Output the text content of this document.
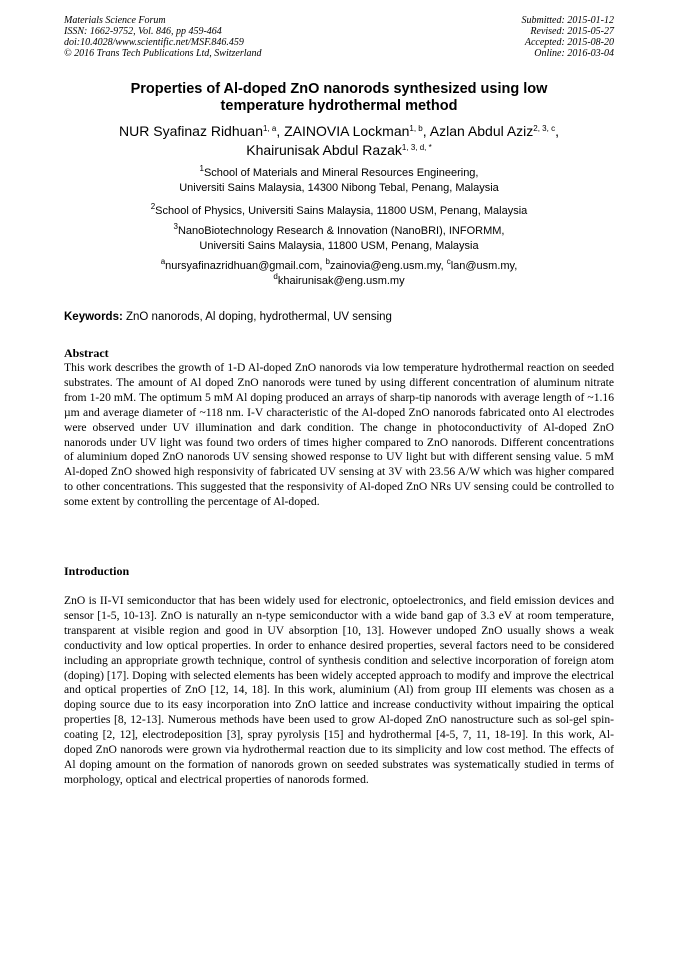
Materials Science Forum
ISSN: 1662-9752, Vol. 846, pp 459-464
doi:10.4028/www.scientific.net/MSF.846.459
© 2016 Trans Tech Publications Ltd, Switzerland
Submitted: 2015-01-12
Revised: 2015-05-27
Accepted: 2015-08-20
Online: 2016-03-04
Properties of Al-doped ZnO nanorods synthesized using low
temperature hydrothermal method
NUR Syafinaz Ridhuan$^{1, a}$, ZAINOVIA Lockman$^{1, b}$, Azlan Abdul Aziz$^{2, 3, c}$,
Khairunisak Abdul Razak$^{1, 3, d, *}$
$^1$School of Materials and Mineral Resources Engineering,
Universiti Sains Malaysia, 14300 Nibong Tebal, Penang, Malaysia
$^2$School of Physics, Universiti Sains Malaysia, 11800 USM, Penang, Malaysia
$^3$NanoBiotechnology Research & Innovation (NanoBRI), INFORMM,
Universiti Sains Malaysia, 11800 USM, Penang, Malaysia
$^a$nursyafinazridhuan@gmail.com, $^b$zainovia@eng.usm.my, $^c$lan@usm.my,
$^d$khairunisak@eng.usm.my
Keywords: ZnO nanorods, Al doping, hydrothermal, UV sensing
Abstract
This work describes the growth of 1-D Al-doped ZnO nanorods via low temperature hydrothermal reaction on seeded substrates. The amount of Al doped ZnO nanorods were tuned by using different concentration of aluminum nitrate from 1-20 mM. The optimum 5 mM Al doping produced an arrays of sharp-tip nanorods with average length of ~1.16 µm and average diameter of ~118 nm. I-V characteristic of the Al-doped ZnO nanorods fabricated onto Al electrodes were observed under UV illumination and dark condition. The change in photoconductivity of Al-doped ZnO nanorods under UV light was found two orders of times higher compared to ZnO nanorods. Different concentrations of aluminium doped ZnO nanorods UV sensing showed response to UV light but with different sensing value. 5 mM Al-doped ZnO showed high responsivity of fabricated UV sensing at 3V with 23.56 A/W which was higher compared to other concentrations. This suggested that the responsivity of Al-doped ZnO NRs UV sensing could be controlled to some extent by controlling the percentage of Al-doped.
Introduction
ZnO is II-VI semiconductor that has been widely used for electronic, optoelectronics, and field emission devices and sensor [1-5, 10-13]. ZnO is naturally an n-type semiconductor with a wide band gap of 3.3 eV at room temperature, transparent at visible region and good in UV absorption [10, 13]. However undoped ZnO usually shows a weak conductivity and low optical properties. In order to enhance desired properties, several factors need to be considered including an appropriate growth technique, control of synthesis condition and selective incorporation of foreign atom (doping) [17]. Doping with selected elements has been widely accepted approach to modify and improve the electrical and optical properties of ZnO [12, 14, 18]. In this work, aluminium (Al) from group III elements was chosen as a doping source due to its easy incorporation into ZnO lattice and increase conductivity without impairing the optical properties [8, 12-13]. Numerous methods have been used to grow Al-doped ZnO nanostructure such as sol-gel spin-coating [2, 12], electrodeposition [3], spray pyrolysis [15] and hydrothermal [4-5, 7, 11, 18-19]. In this work, Al-doped ZnO nanorods were grown via hydrothermal reaction due to its simplicity and low cost method. The effects of Al doping amount on the formation of nanorods grown on seeded substrates was systematically studied in terms of morphology, optical and electrical properties of nanorods formed.
